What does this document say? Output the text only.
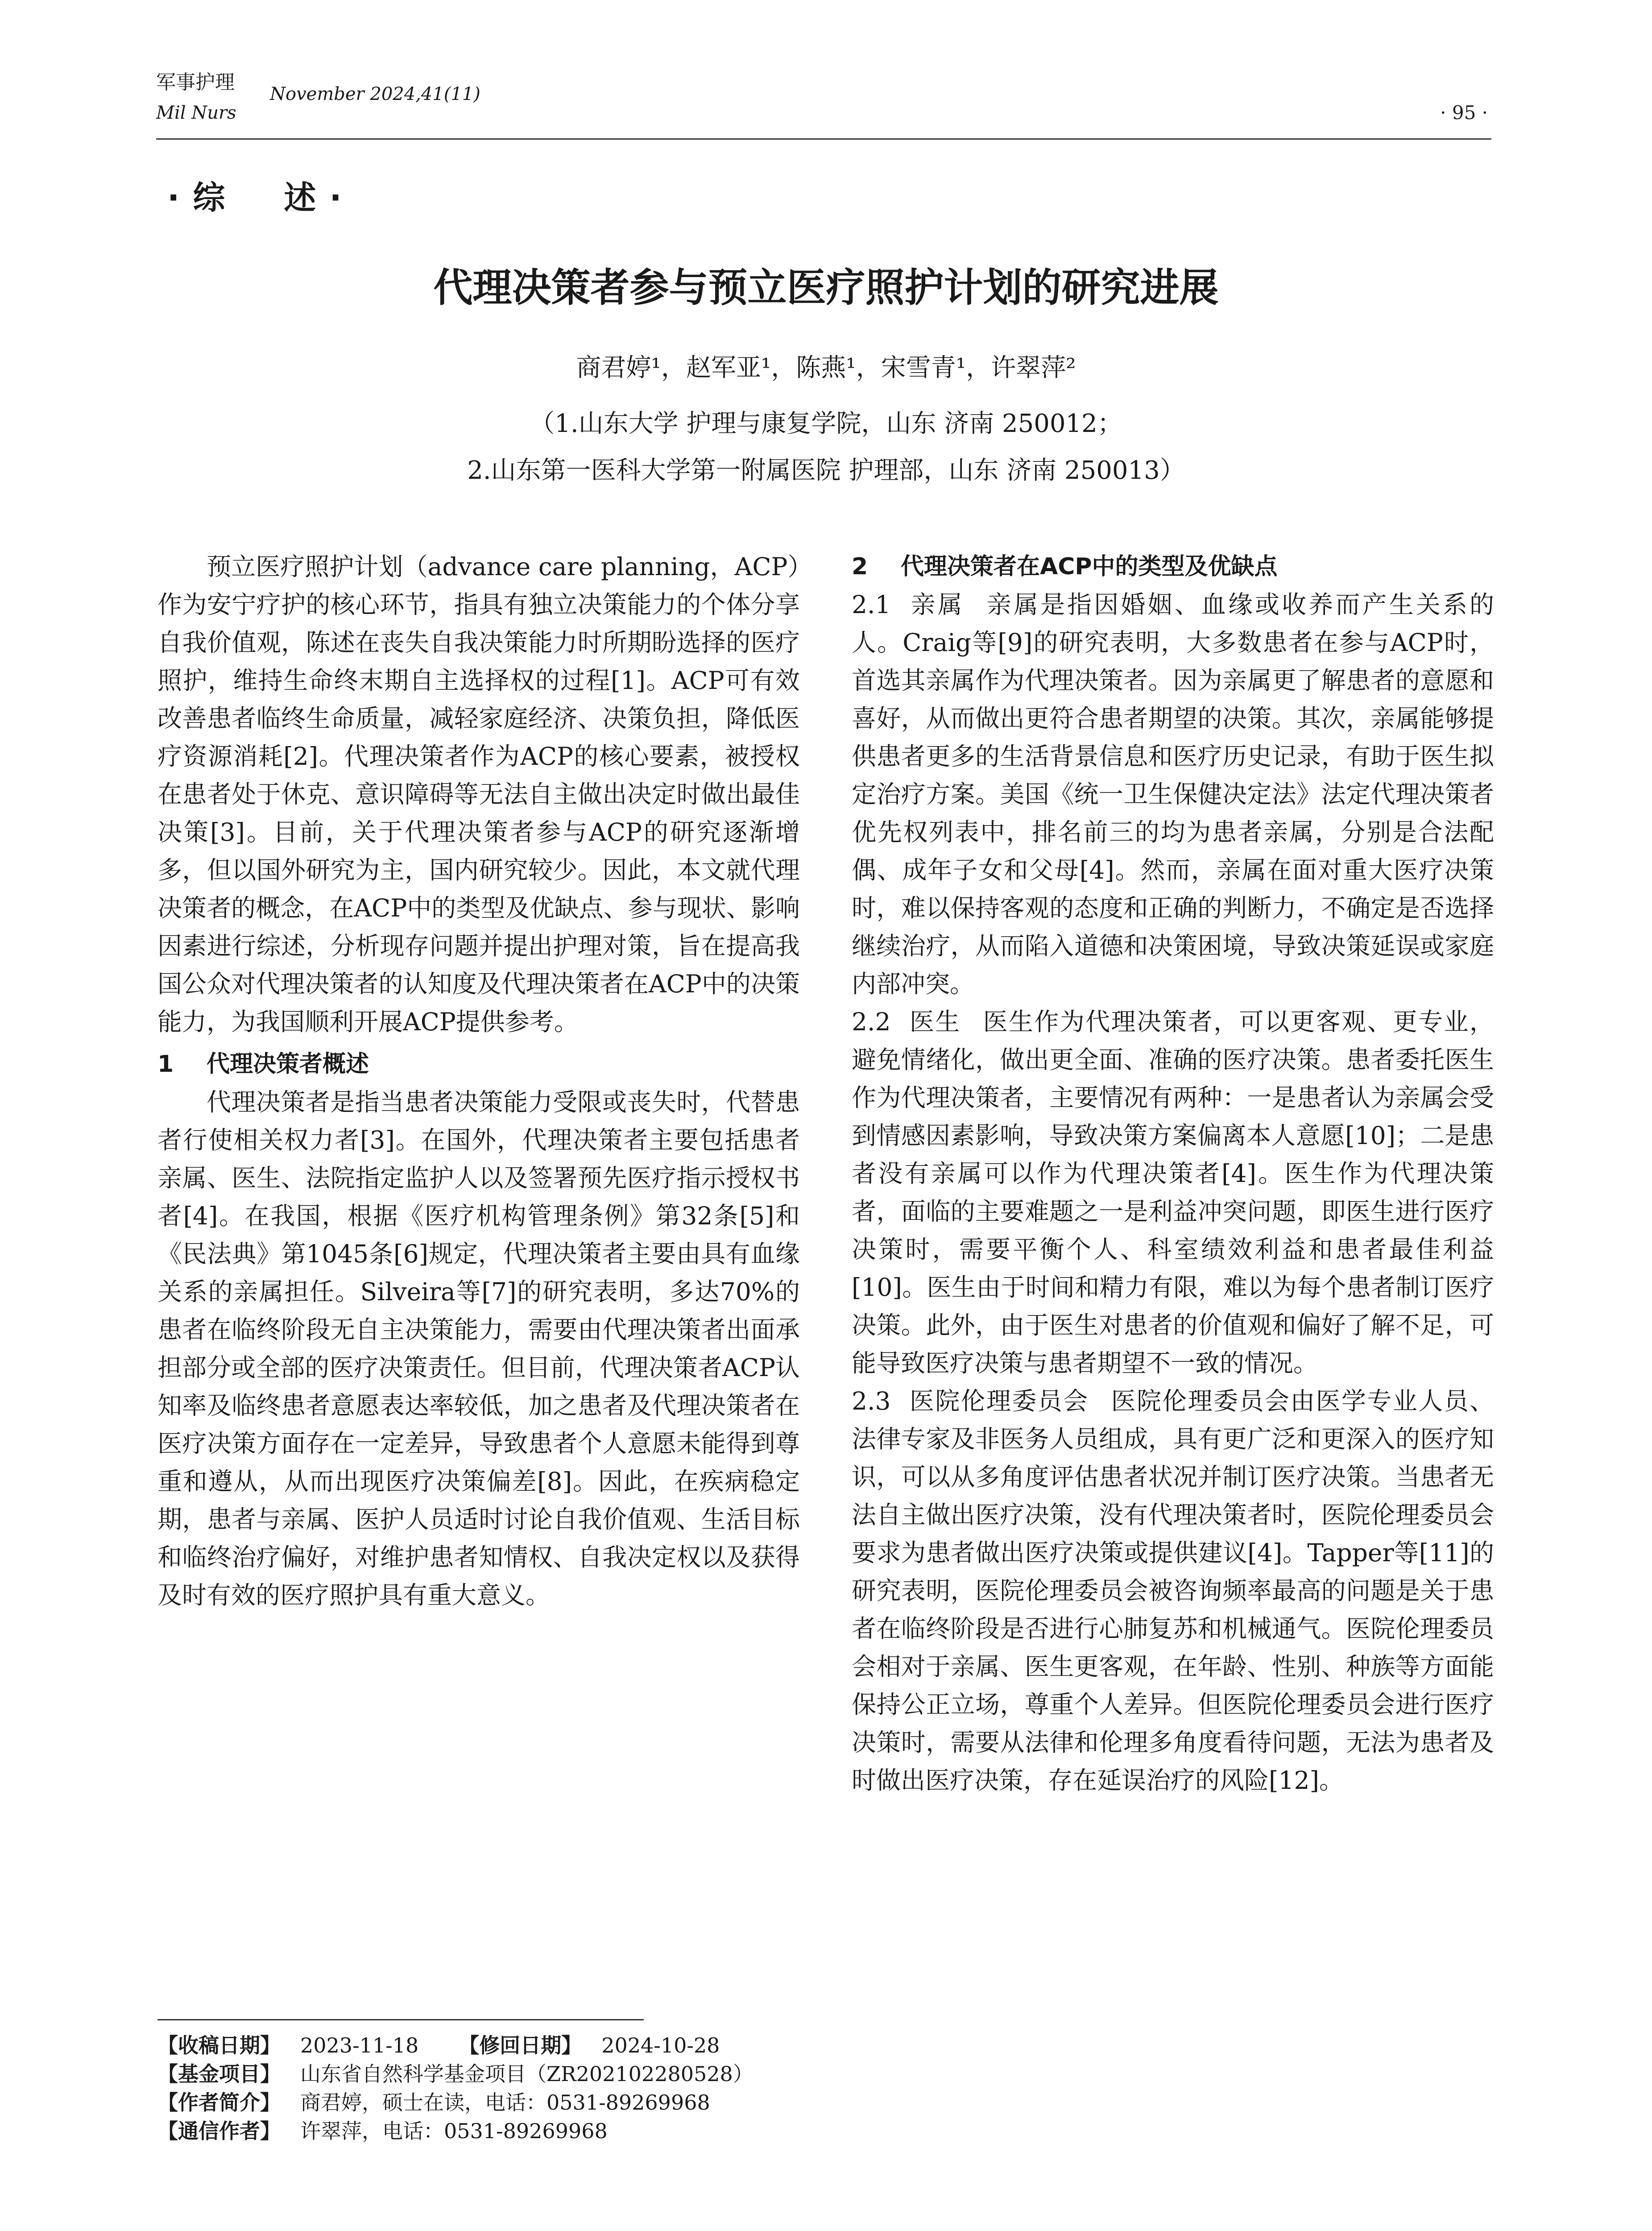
军事护理
Mil Nurs
November 2024,41(11)
· 95 ·
·综　述·
代理决策者参与预立医疗照护计划的研究进展
商君婷¹，赵军亚¹，陈燕¹，宋雪青¹，许翠萍²
（1.山东大学 护理与康复学院，山东 济南 250012；
2.山东第一医科大学第一附属医院 护理部，山东 济南 250013）

预立医疗照护计划（advance care planning，ACP）作为安宁疗护的核心环节，指具有独立决策能力的个体分享自我价值观，陈述在丧失自我决策能力时所期盼选择的医疗照护，维持生命终末期自主选择权的过程[1]。ACP可有效改善患者临终生命质量，减轻家庭经济、决策负担，降低医疗资源消耗[2]。代理决策者作为ACP的核心要素，被授权在患者处于休克、意识障碍等无法自主做出决定时做出最佳决策[3]。目前，关于代理决策者参与ACP的研究逐渐增多，但以国外研究为主，国内研究较少。因此，本文就代理决策者的概念，在ACP中的类型及优缺点、参与现状、影响因素进行综述，分析现存问题并提出护理对策，旨在提高我国公众对代理决策者的认知度及代理决策者在ACP中的决策能力，为我国顺利开展ACP提供参考。

1 代理决策者概述

代理决策者是指当患者决策能力受限或丧失时，代替患者行使相关权力者[3]。在国外，代理决策者主要包括患者亲属、医生、法院指定监护人以及签署预先医疗指示授权书者[4]。在我国，根据《医疗机构管理条例》第32条[5]和《民法典》第1045条[6]规定，代理决策者主要由具有血缘关系的亲属担任。Silveira等[7]的研究表明，多达70%的患者在临终阶段无自主决策能力，需要由代理决策者出面承担部分或全部的医疗决策责任。但目前，代理决策者ACP认知率及临终患者意愿表达率较低，加之患者及代理决策者在医疗决策方面存在一定差异，导致患者个人意愿未能得到尊重和遵从，从而出现医疗决策偏差[8]。因此，在疾病稳定期，患者与亲属、医护人员适时讨论自我价值观、生活目标和临终治疗偏好，对维护患者知情权、自我决定权以及获得及时有效的医疗照护具有重大意义。

2 代理决策者在ACP中的类型及优缺点

2.1 亲属 亲属是指因婚姻、血缘或收养而产生关系的人。Craig等[9]的研究表明，大多数患者在参与ACP时，首选其亲属作为代理决策者。因为亲属更了解患者的意愿和喜好，从而做出更符合患者期望的决策。其次，亲属能够提供患者更多的生活背景信息和医疗历史记录，有助于医生拟定治疗方案。美国《统一卫生保健决定法》法定代理决策者优先权列表中，排名前三的均为患者亲属，分别是合法配偶、成年子女和父母[4]。然而，亲属在面对重大医疗决策时，难以保持客观的态度和正确的判断力，不确定是否选择继续治疗，从而陷入道德和决策困境，导致决策延误或家庭内部冲突。

2.2 医生 医生作为代理决策者，可以更客观、更专业，避免情绪化，做出更全面、准确的医疗决策。患者委托医生作为代理决策者，主要情况有两种：一是患者认为亲属会受到情感因素影响，导致决策方案偏离本人意愿[10]；二是患者没有亲属可以作为代理决策者[4]。医生作为代理决策者，面临的主要难题之一是利益冲突问题，即医生进行医疗决策时，需要平衡个人、科室绩效利益和患者最佳利益[10]。医生由于时间和精力有限，难以为每个患者制订医疗决策。此外，由于医生对患者的价值观和偏好了解不足，可能导致医疗决策与患者期望不一致的情况。

2.3 医院伦理委员会 医院伦理委员会由医学专业人员、法律专家及非医务人员组成，具有更广泛和更深入的医疗知识，可以从多角度评估患者状况并制订医疗决策。当患者无法自主做出医疗决策，没有代理决策者时，医院伦理委员会要求为患者做出医疗决策或提供建议[4]。Tapper等[11]的研究表明，医院伦理委员会被咨询频率最高的问题是关于患者在临终阶段是否进行心肺复苏和机械通气。医院伦理委员会相对于亲属、医生更客观，在年龄、性别、种族等方面能保持公正立场，尊重个人差异。但医院伦理委员会进行医疗决策时，需要从法律和伦理多角度看待问题，无法为患者及时做出医疗决策，存在延误治疗的风险[12]。

【收稿日期】 2023-11-18 【修回日期】 2024-10-28
【基金项目】 山东省自然科学基金项目（ZR202102280528）
【作者简介】 商君婷，硕士在读，电话：0531-89269968
【通信作者】 许翠萍，电话：0531-89269968
